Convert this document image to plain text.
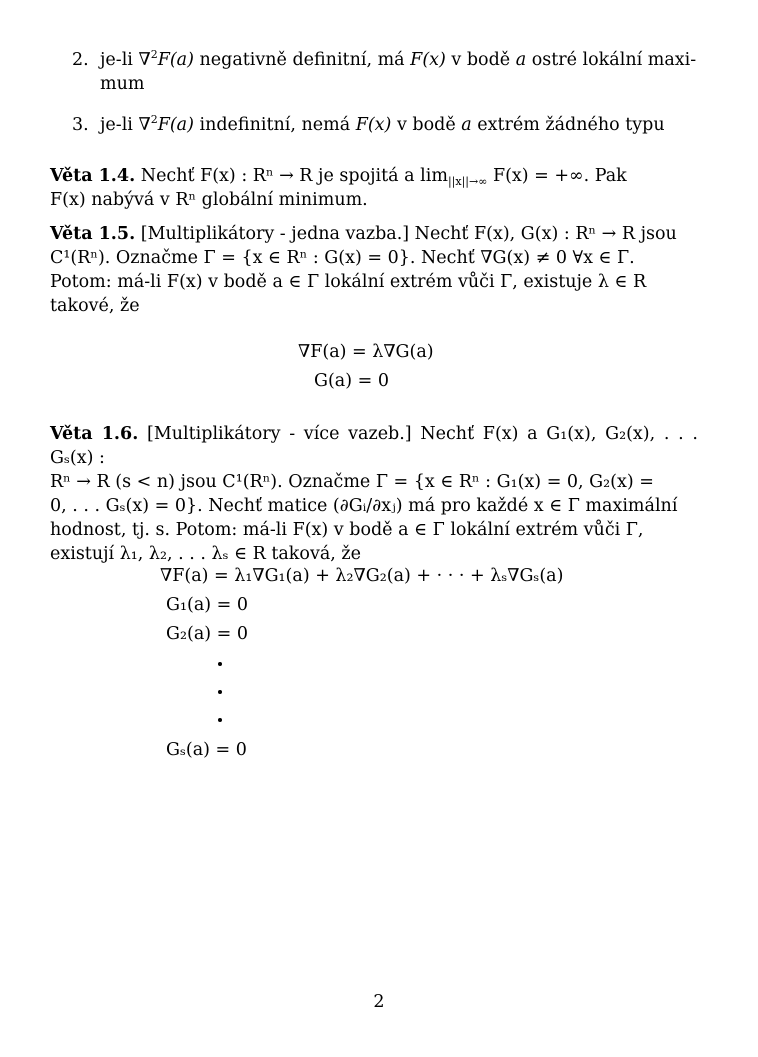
2. je-li ∇$^2$F(a) negativně definitní, má F(x) v bodě a ostré lokální maxi-
mum
3. je-li ∇$^2$F(a) indefinitní, nemá F(x) v bodě a extrém žádného typu
Věta 1.4. Nechť F(x) : Rⁿ → R je spojitá a $\lim_{||x||\to\infty} F(x)$ = +∞. Pak
F(x) nabývá v Rⁿ globální minimum.
Věta 1.5. [Multiplikátory - jedna vazba.] Nechť F(x), G(x) : Rⁿ → R jsou
C¹(Rⁿ). Označme Γ = {x ∈ Rⁿ : G(x) = 0}. Nechť ∇G(x) ≠ 0 ∀x ∈ Γ.
Potom: má-li F(x) v bodě a ∈ Γ lokální extrém vůči Γ, existuje λ ∈ R
takové, že
∇F(a) = λ∇G(a)
G(a) = 0
Věta 1.6. [Multiplikátory - více vazeb.] Nechť F(x) a G₁(x), G₂(x), . . . Gₛ(x) :
Rⁿ → R (s < n) jsou C¹(Rⁿ). Označme Γ = {x ∈ Rⁿ : G₁(x) = 0, G₂(x) =
0, . . . Gₛ(x) = 0}. Nechť matice (∂Gᵢ/∂xⱼ) má pro každé x ∈ Γ maximální
hodnost, tj. s. Potom: má-li F(x) v bodě a ∈ Γ lokální extrém vůči Γ,
existují λ₁, λ₂, . . . λₛ ∈ R taková, že
∇F(a) = λ₁∇G₁(a) + λ₂∇G₂(a) + · · · + λₛ∇Gₛ(a)
G₁(a) = 0
G₂(a) = 0
Gₛ(a) = 0
2
